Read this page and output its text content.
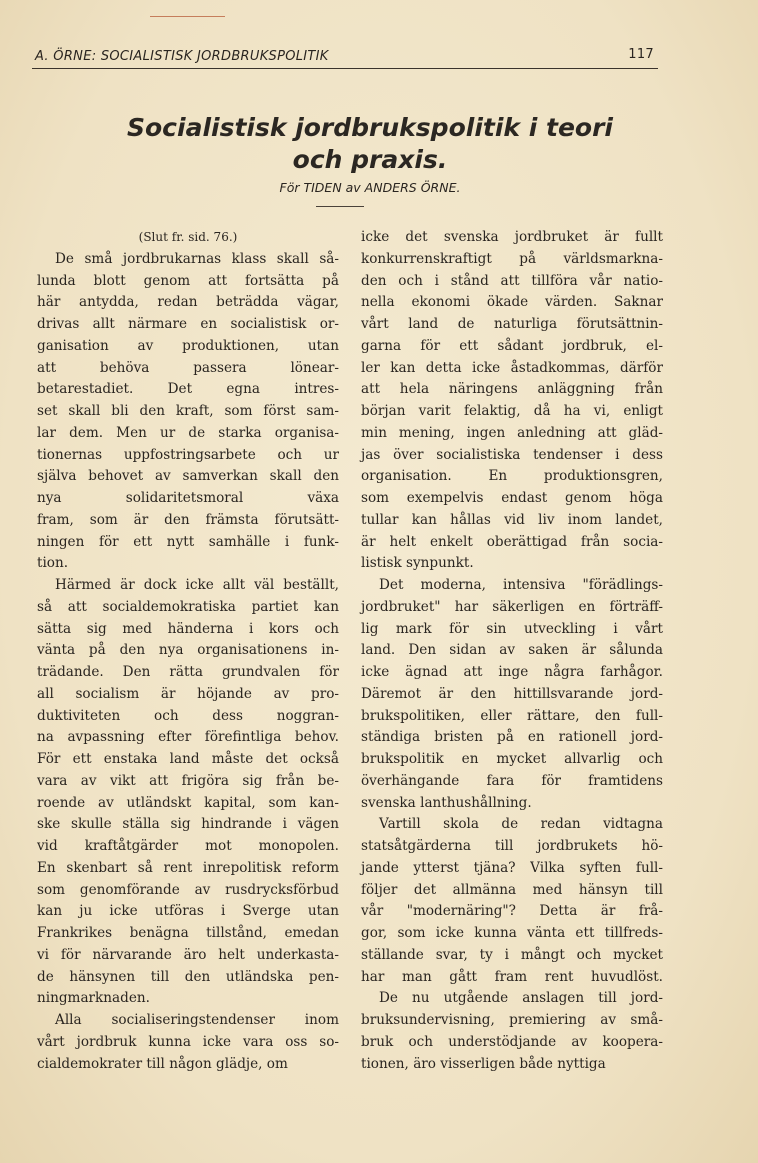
A. ÖRNE: SOCIALISTISK JORDBRUKSPOLITIK	117
Socialistisk jordbrukspolitik i teori
och praxis.
För TIDEN av ANDERS ÖRNE.
(Slut fr. sid. 76.)
De små jordbrukarnas klass skall så-
lunda blott genom att fortsätta på
här antydda, redan beträdda vägar,
drivas allt närmare en socialistisk or-
ganisation av produktionen, utan
att behöva passera lönear-
betarestadiet. Det egna intres-
set skall bli den kraft, som först sam-
lar dem. Men ur de starka organisa-
tionernas uppfostringsarbete och ur
själva behovet av samverkan skall den
nya solidaritetsmoral växa
fram, som är den främsta förutsätt-
ningen för ett nytt samhälle i funk-
tion.
Härmed är dock icke allt väl beställt,
så att socialdemokratiska partiet kan
sätta sig med händerna i kors och
vänta på den nya organisationens in-
trädande. Den rätta grundvalen för
all socialism är höjande av pro-
duktiviteten och dess noggran-
na avpassning efter förefintliga behov.
För ett enstaka land måste det också
vara av vikt att frigöra sig från be-
roende av utländskt kapital, som kan-
ske skulle ställa sig hindrande i vägen
vid kraftåtgärder mot monopolen.
En skenbart så rent inrepolitisk reform
som genomförande av rusdrycksförbud
kan ju icke utföras i Sverge utan
Frankrikes benägna tillstånd, emedan
vi för närvarande äro helt underkasta-
de hänsynen till den utländska pen-
ningmarknaden.
Alla socialiseringstendenser inom
vårt jordbruk kunna icke vara oss so-
cialdemokrater till någon glädje, om
icke det svenska jordbruket är fullt
konkurrenskraftigt på världsmarkna-
den och i stånd att tillföra vår natio-
nella ekonomi ökade värden. Saknar
vårt land de naturliga förutsättnin-
garna för ett sådant jordbruk, el-
ler kan detta icke åstadkommas, därför
att hela näringens anläggning från
början varit felaktig, då ha vi, enligt
min mening, ingen anledning att gläd-
jas över socialistiska tendenser i dess
organisation. En produktionsgren,
som exempelvis endast genom höga
tullar kan hållas vid liv inom landet,
är helt enkelt oberättigad från socia-
listisk synpunkt.
Det moderna, intensiva "förädlings-
jordbruket" har säkerligen en förträff-
lig mark för sin utveckling i vårt
land. Den sidan av saken är sålunda
icke ägnad att inge några farhågor.
Däremot är den hittillsvarande jord-
brukspolitiken, eller rättare, den full-
ständiga bristen på en rationell jord-
brukspolitik en mycket allvarlig och
överhängande fara för framtidens
svenska lanthushållning.
Vartill skola de redan vidtagna
statsåtgärderna till jordbrukets hö-
jande ytterst tjäna? Vilka syften full-
följer det allmänna med hänsyn till
vår "modernäring"? Detta är frå-
gor, som icke kunna vänta ett tillfreds-
ställande svar, ty i mångt och mycket
har man gått fram rent huvudlöst.
De nu utgående anslagen till jord-
bruksundervisning, premiering av små-
bruk och understödjande av koopera-
tionen, äro visserligen både nyttiga
